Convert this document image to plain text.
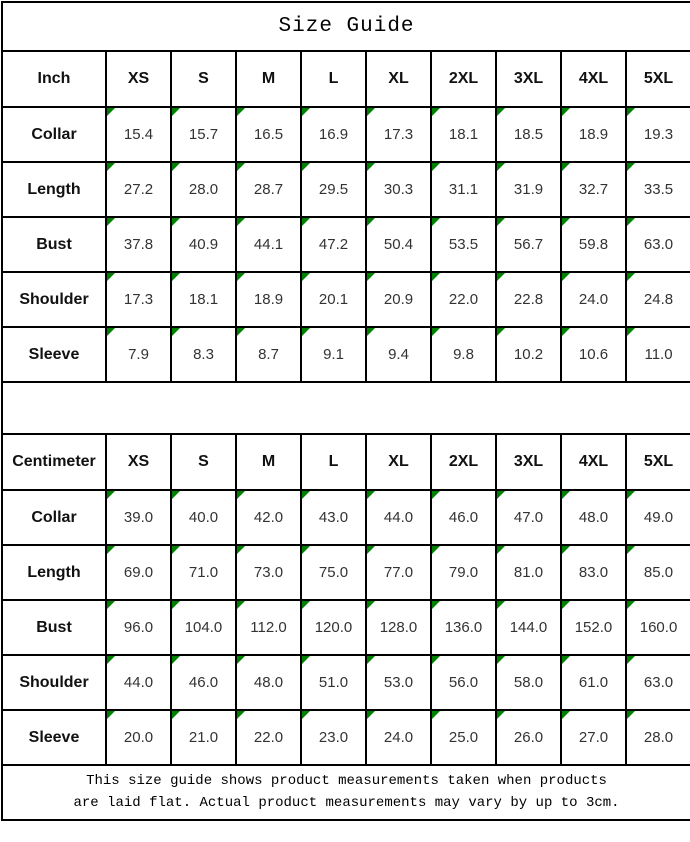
Size Guide									
Inch	XS	S	M	L	XL	2XL	3XL	4XL	5XL
Collar	15.4	15.7	16.5	16.9	17.3	18.1	18.5	18.9	19.3
Length	27.2	28.0	28.7	29.5	30.3	31.1	31.9	32.7	33.5
Bust	37.8	40.9	44.1	47.2	50.4	53.5	56.7	59.8	63.0
Shoulder	17.3	18.1	18.9	20.1	20.9	22.0	22.8	24.0	24.8
Sleeve	7.9	8.3	8.7	9.1	9.4	9.8	10.2	10.6	11.0

Centimeter	XS	S	M	L	XL	2XL	3XL	4XL	5XL
Collar	39.0	40.0	42.0	43.0	44.0	46.0	47.0	48.0	49.0
Length	69.0	71.0	73.0	75.0	77.0	79.0	81.0	83.0	85.0
Bust	96.0	104.0	112.0	120.0	128.0	136.0	144.0	152.0	160.0
Shoulder	44.0	46.0	48.0	51.0	53.0	56.0	58.0	61.0	63.0
Sleeve	20.0	21.0	22.0	23.0	24.0	25.0	26.0	27.0	28.0

This size guide shows product measurements taken when products
are laid flat. Actual product measurements may vary by up to 3cm.									
